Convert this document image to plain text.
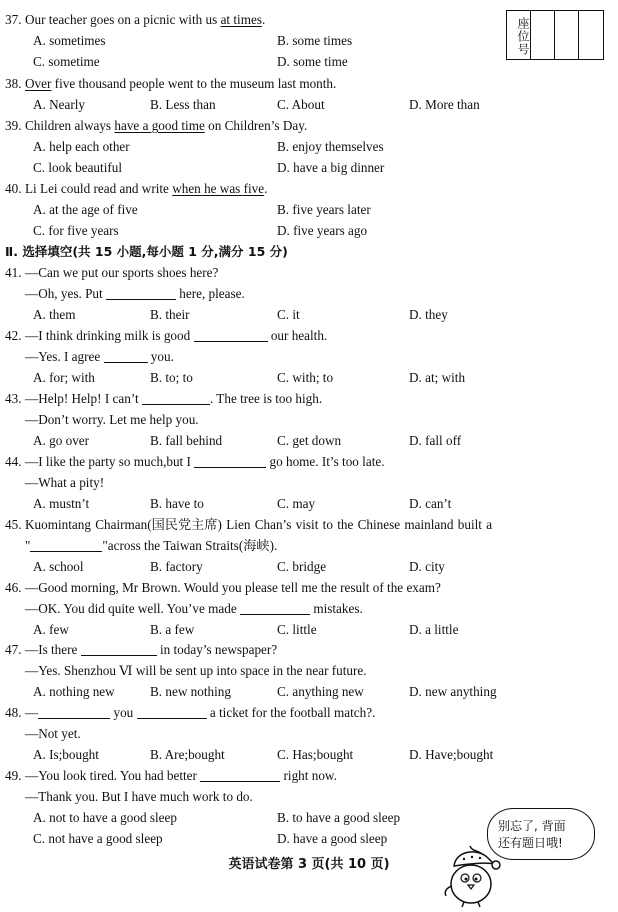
座位号
37. Our teacher goes on a picnic with us at times.
A. sometimes	B. some times
C. sometime	D. some time
38. Over five thousand people went to the museum last month.
A. Nearly	B. Less than	C. About	D. More than
39. Children always have a good time on Children’s Day.
A. help each other	B. enjoy themselves
C. look beautiful	D. have a big dinner
40. Li Lei could read and write when he was five.
A. at the age of five	B. five years later
C. for five years	D. five years ago
Ⅱ. 选择填空(共 15 小题,每小题 1 分,满分 15 分)
41. —Can we put our sports shoes here?
—Oh, yes. Put	here, please.
A. them	B. their	C. it	D. they
42. —I think drinking milk is good	our health.
—Yes. I agree	you.
A. for; with	B. to; to	C. with; to	D. at; with
43. —Help! Help! I can’t	. The tree is too high.
—Don’t worry. Let me help you.
A. go over	B. fall behind	C. get down	D. fall off
44. —I like the party so much,but I	go home. It’s too late.
—What a pity!
A. mustn’t	B. have to	C. may	D. can’t
45. Kuomintang Chairman(国民党主席) Lien Chan’s visit to the Chinese mainland built a
"	"across the Taiwan Straits(海峡).
A. school	B. factory	C. bridge	D. city
46. —Good morning, Mr Brown. Would you please tell me the result of the exam?
—OK. You did quite well. You’ve made	mistakes.
A. few	B. a few	C. little	D. a little
47. —Is there	in today’s newspaper?
—Yes. Shenzhou Ⅵ will be sent up into space in the near future.
A. nothing new	B. new nothing	C. anything new	D. new anything
48. —	you	a ticket for the football match?.
—Not yet.
A. Is;bought	B. Are;bought	C. Has;bought	D. Have;bought
49. —You look tired. You had better	right now.
—Thank you. But I have much work to do.
A. not to have a good sleep	B. to have a good sleep
C. not have a good sleep	D. have a good sleep
别忘了, 背面
还有题日哦!
英语试卷第 3 页(共 10 页)
